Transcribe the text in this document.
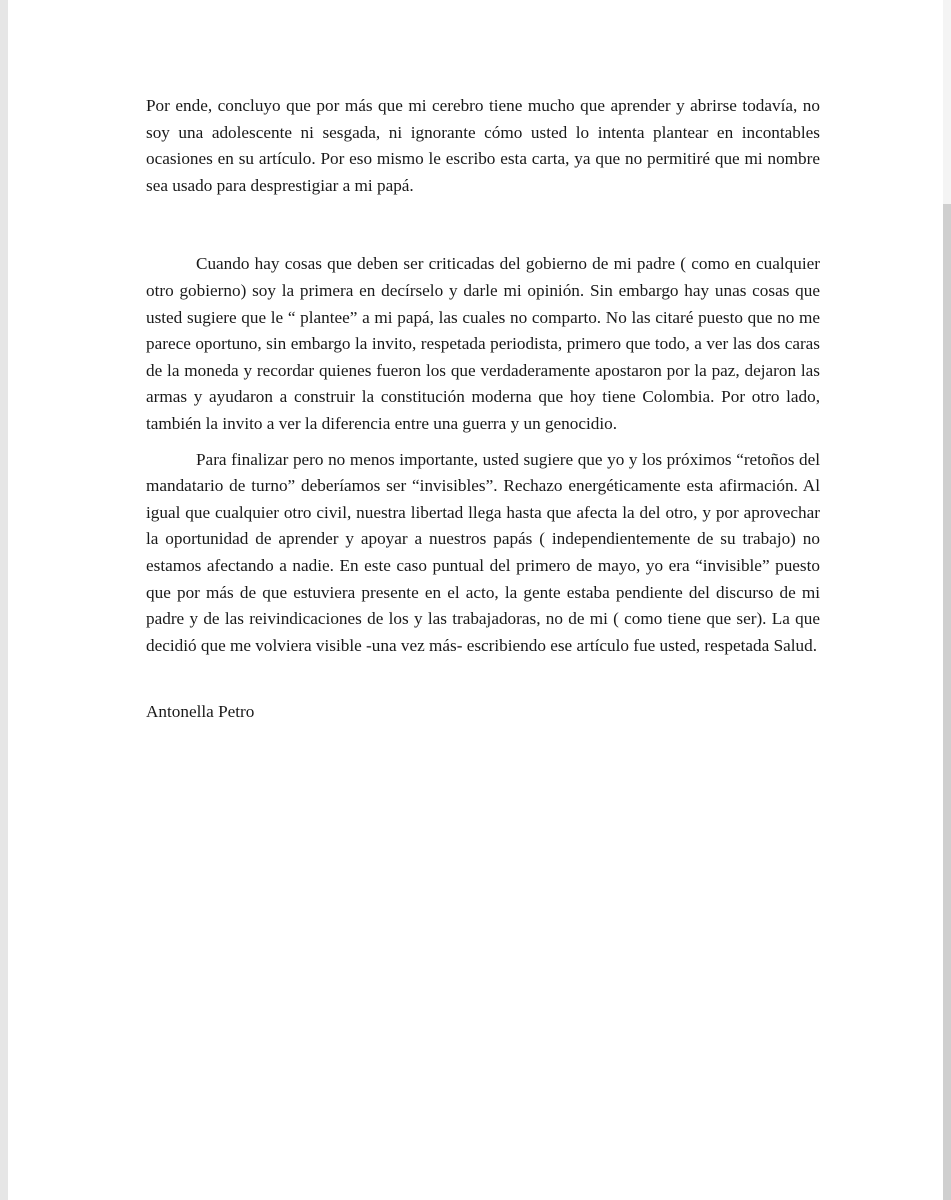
Por ende, concluyo que por más que mi cerebro tiene mucho que aprender y abrirse todavía, no soy una adolescente ni sesgada, ni ignorante cómo usted lo intenta plantear en incontables ocasiones en su artículo. Por eso mismo le escribo esta carta, ya que no permitiré que mi nombre sea usado para desprestigiar a mi papá.

Cuando hay cosas que deben ser criticadas del gobierno de mi padre ( como en cualquier otro gobierno) soy la primera en decírselo y darle mi opinión. Sin embargo hay unas cosas que usted sugiere que le “ plantee” a mi papá, las cuales no comparto. No las citaré puesto que no me parece oportuno, sin embargo la invito, respetada periodista, primero que todo, a ver las dos caras de la moneda y recordar quienes fueron los que verdaderamente apostaron por la paz, dejaron las armas y ayudaron a construir la constitución moderna que hoy tiene Colombia. Por otro lado, también la invito a ver la diferencia entre una guerra y un genocidio.

Para finalizar pero no menos importante, usted sugiere que yo y los próximos “retoños del mandatario de turno” deberíamos ser “invisibles”. Rechazo energéticamente esta afirmación. Al igual que cualquier otro civil, nuestra libertad llega hasta que afecta la del otro, y por aprovechar la oportunidad de aprender y apoyar a nuestros papás ( independientemente de su trabajo) no estamos afectando a nadie. En este caso puntual del primero de mayo, yo era “invisible” puesto que por más de que estuviera presente en el acto, la gente estaba pendiente del discurso de mi padre y de las reivindicaciones de los y las trabajadoras, no de mi ( como tiene que ser). La que decidió que me volviera visible -una vez más- escribiendo ese artículo fue usted, respetada Salud.

Antonella Petro
